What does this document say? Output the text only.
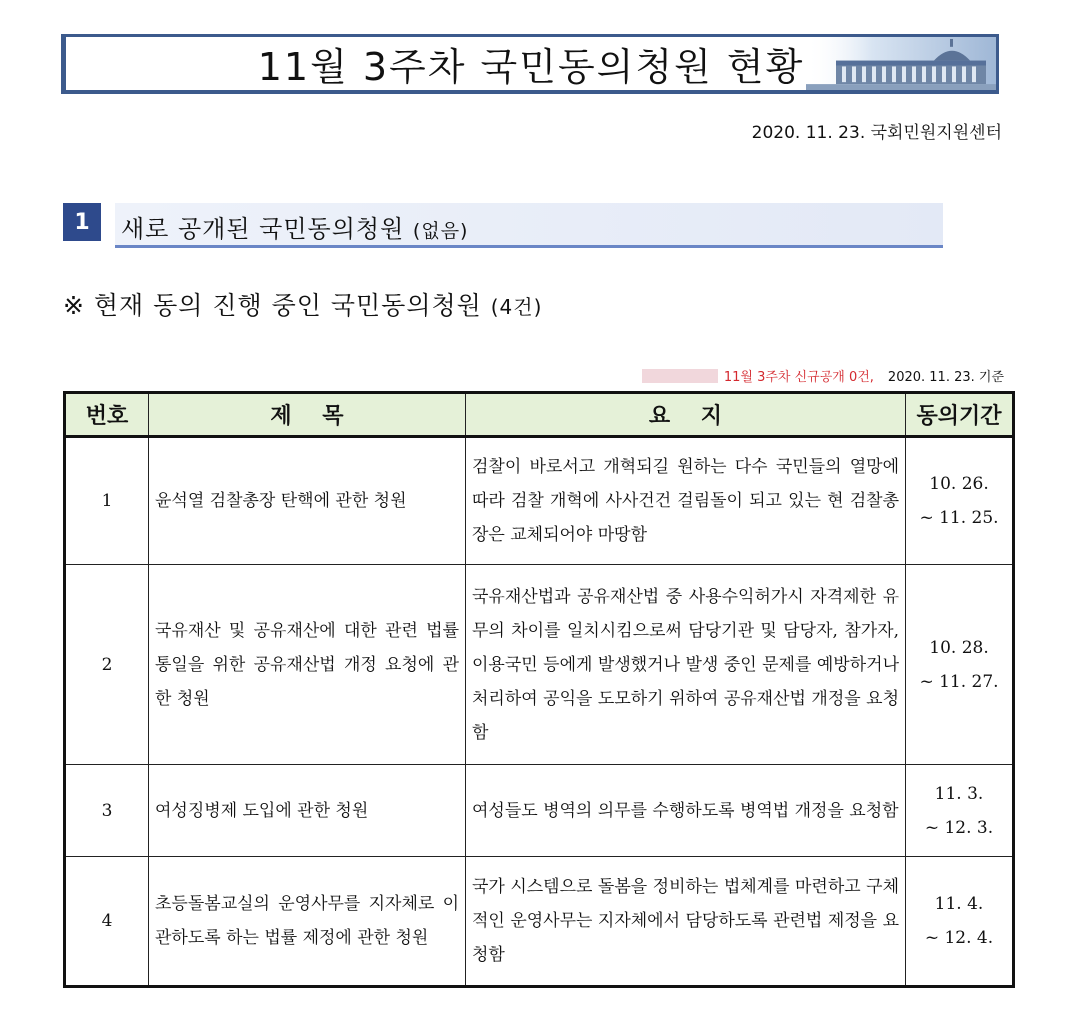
11월 3주차 국민동의청원 현황
2020. 11. 23. 국회민원지원센터
1	새로 공개된 국민동의청원 (없음)
※ 현재 동의 진행 중인 국민동의청원 (4건)
11월 3주차 신규공개 0건, 2020. 11. 23. 기준
번호	제    목	요    지	동의기간
1	윤석열 검찰총장 탄핵에 관한 청원	검찰이 바로서고 개혁되길 원하는 다수 국민들의 열망에 따라 검찰 개혁에 사사건건 걸림돌이 되고 있는 현 검찰총장은 교체되어야 마땅함	10. 26.
~ 11. 25.

2	국유재산 및 공유재산에 대한 관련 법률 통일을 위한 공유재산법 개정 요청에 관한 청원	국유재산법과 공유재산법 중 사용수익허가시 자격제한 유무의 차이를 일치시킴으로써 담당기관 및 담당자, 참가자, 이용국민 등에게 발생했거나 발생 중인 문제를 예방하거나 처리하여 공익을 도모하기 위하여 공유재산법 개정을 요청함	10. 28.
~ 11. 27.

3	여성징병제 도입에 관한 청원	여성들도 병역의 의무를 수행하도록 병역법 개정을 요청함	11. 3.
~ 12. 3.

4	초등돌봄교실의 운영사무를 지자체로 이관하도록 하는 법률 제정에 관한 청원	국가 시스템으로 돌봄을 정비하는 법체계를 마련하고 구체적인 운영사무는 지자체에서 담당하도록 관련법 제정을 요청함	11. 4.
~ 12. 4.
